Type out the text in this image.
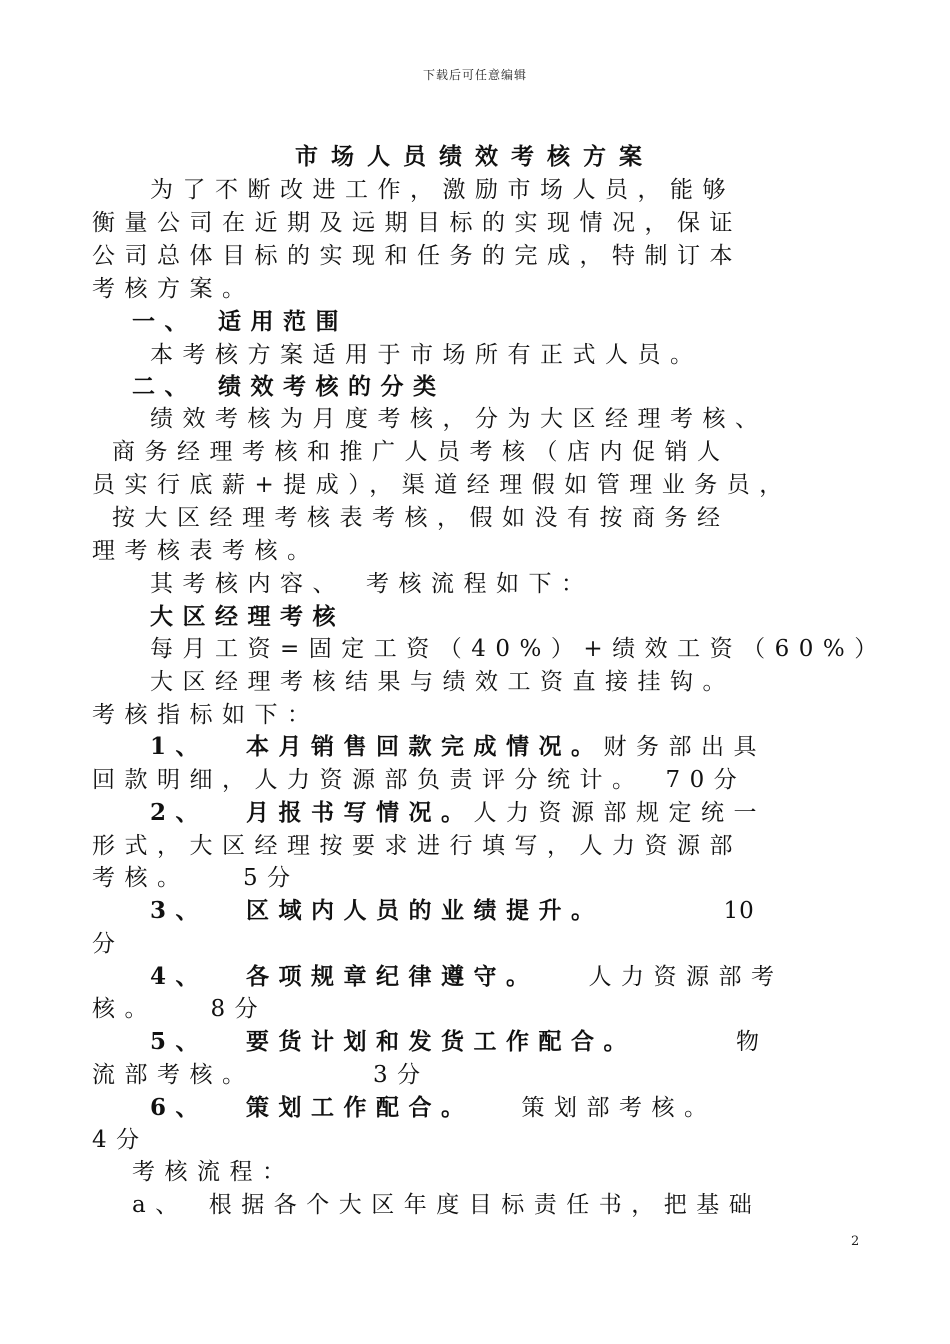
下载后可任意编辑
市场人员绩效考核方案
为了不断改进工作，激励市场人员，能够
衡量公司在近期及远期目标的实现情况，保证
公司总体目标的实现和任务的完成，特制订本
考核方案。
一、　适用范围
本考核方案适用于市场所有正式人员。
二、　绩效考核的分类
绩效考核为月度考核，分为大区经理考核、
商务经理考核和推广人员考核（店内促销人
员实行底薪+提成），渠道经理假如管理业务员，
按大区经理考核表考核，假如没有按商务经
理考核表考核。
其考核内容、　考核流程如下：
大区经理考核
每月工资=固定工资（40%）+绩效工资（60%）
大区经理考核结果与绩效工资直接挂钩。
考核指标如下：
1、 本月销售回款完成情况。财务部出具
回款明细，人力资源部负责评分统计。　70分
2、 月报书写情况。人力资源部规定统一
形式，大区经理按要求进行填写，人力资源部
考核。　　5分
3、 区域内人员的业绩提升。	10
分
4、 各项规章纪律遵守。 人力资源部考
核。　　8分
5、 要货计划和发货工作配合。	物
流部考核。　　　　3分
6、 策划工作配合。 策划部考核。
4分
考核流程：
a、　根据各个大区年度目标责任书，把基础
2
